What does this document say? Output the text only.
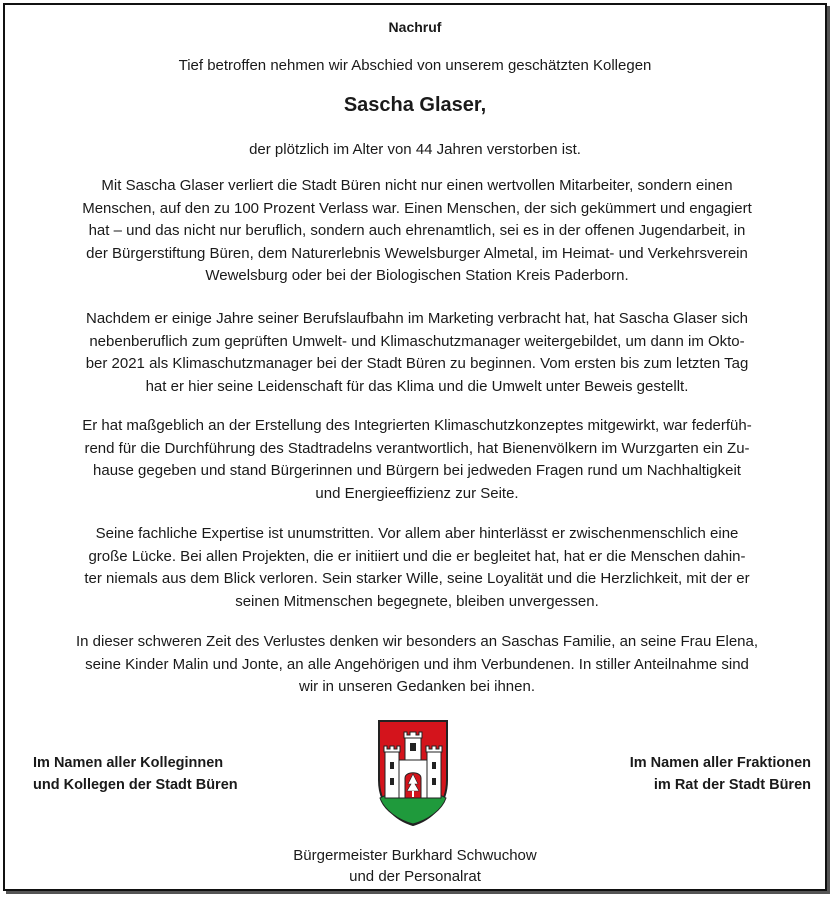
Nachruf
Tief betroffen nehmen wir Abschied von unserem geschätzten Kollegen
Sascha Glaser,
der plötzlich im Alter von 44 Jahren verstorben ist.
Mit Sascha Glaser verliert die Stadt Büren nicht nur einen wertvollen Mitarbeiter, sondern einen
Menschen, auf den zu 100 Prozent Verlass war. Einen Menschen, der sich gekümmert und engagiert
hat – und das nicht nur beruflich, sondern auch ehrenamtlich, sei es in der offenen Jugendarbeit, in
der Bürgerstiftung Büren, dem Naturerlebnis Wewelsburger Almetal, im Heimat- und Verkehrsverein
Wewelsburg oder bei der Biologischen Station Kreis Paderborn.
Nachdem er einige Jahre seiner Berufslaufbahn im Marketing verbracht hat, hat Sascha Glaser sich
nebenberuflich zum geprüften Umwelt- und Klimaschutzmanager weitergebildet, um dann im Okto-
ber 2021 als Klimaschutzmanager bei der Stadt Büren zu beginnen. Vom ersten bis zum letzten Tag
hat er hier seine Leidenschaft für das Klima und die Umwelt unter Beweis gestellt.
Er hat maßgeblich an der Erstellung des Integrierten Klimaschutzkonzeptes mitgewirkt, war federfüh-
rend für die Durchführung des Stadtradelns verantwortlich, hat Bienenvölkern im Wurzgarten ein Zu-
hause gegeben und stand Bürgerinnen und Bürgern bei jedweden Fragen rund um Nachhaltigkeit
und Energieeffizienz zur Seite.
Seine fachliche Expertise ist unumstritten. Vor allem aber hinterlässt er zwischenmenschlich eine
große Lücke. Bei allen Projekten, die er initiiert und die er begleitet hat, hat er die Menschen dahin-
ter niemals aus dem Blick verloren. Sein starker Wille, seine Loyalität und die Herzlichkeit, mit der er
seinen Mitmenschen begegnete, bleiben unvergessen.
In dieser schweren Zeit des Verlustes denken wir besonders an Saschas Familie, an seine Frau Elena,
seine Kinder Malin und Jonte, an alle Angehörigen und ihm Verbundenen. In stiller Anteilnahme sind
wir in unseren Gedanken bei ihnen.
Im Namen aller Kolleginnen
und Kollegen der Stadt Büren
Im Namen aller Fraktionen
im Rat der Stadt Büren
Bürgermeister Burkhard Schwuchow
und der Personalrat
